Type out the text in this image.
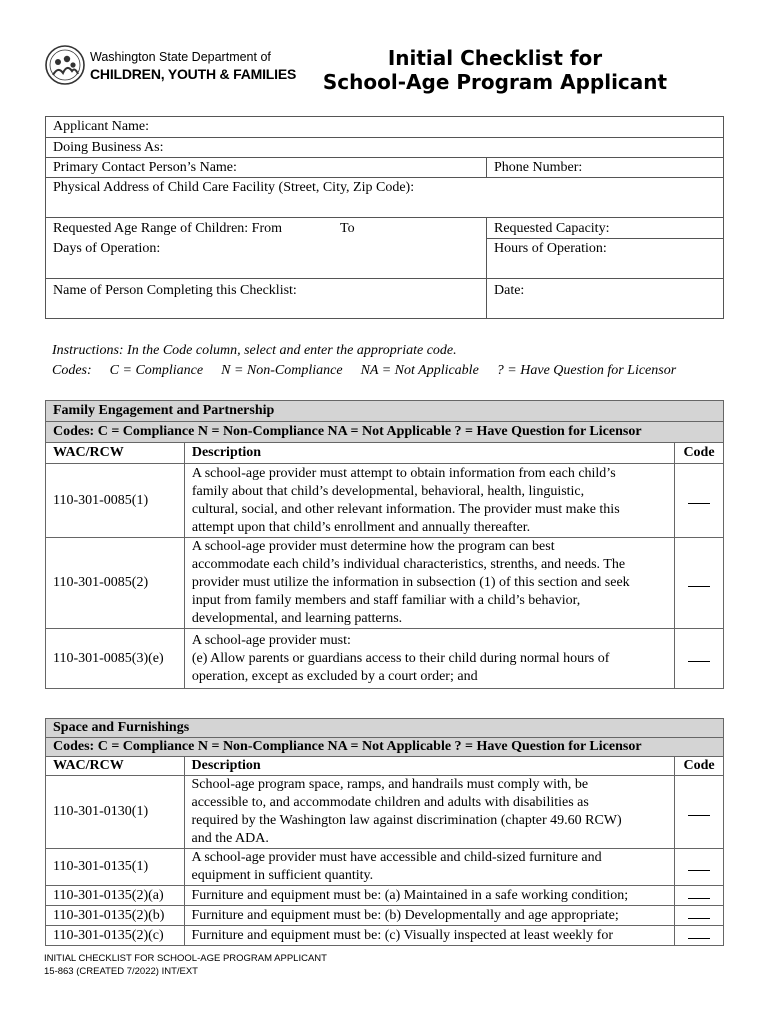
Washington State Department of
CHILDREN, YOUTH & FAMILIES
Initial Checklist for
School-Age Program Applicant
Applicant Name:	
Doing Business As:	
Primary Contact Person’s Name:	Phone Number:
Physical Address of Child Care Facility (Street, City, Zip Code):	
Requested Age Range of Children: From To	Requested Capacity:
Days of Operation:	Hours of Operation:
Name of Person Completing this Checklist:	Date:
Instructions: In the Code column, select and enter the appropriate code.
Codes: C = Compliance N = Non-Compliance NA = Not Applicable ? = Have Question for Licensor
Family Engagement and Partnership		
Codes: C = Compliance N = Non-Compliance NA = Not Applicable ? = Have Question for Licensor		
WAC/RCW	Description	Code
110-301-0085(1)	A school-age provider must attempt to obtain information from each child’s
family about that child’s developmental, behavioral, health, linguistic,
cultural, social, and other relevant information. The provider must make this
attempt upon that child’s enrollment and annually thereafter.	

110-301-0085(2)	A school-age provider must determine how the program can best
accommodate each child’s individual characteristics, strenths, and needs. The
provider must utilize the information in subsection (1) of this section and seek
input from family members and staff familiar with a child’s behavior,
developmental, and learning patterns.	

110-301-0085(3)(e)	A school-age provider must:
(e) Allow parents or guardians access to their child during normal hours of
operation, except as excluded by a court order; and	

Space and Furnishings		
Codes: C = Compliance N = Non-Compliance NA = Not Applicable ? = Have Question for Licensor		
WAC/RCW	Description	Code
110-301-0130(1)	School-age program space, ramps, and handrails must comply with, be
accessible to, and accommodate children and adults with disabilities as
required by the Washington law against discrimination (chapter 49.60 RCW)
and the ADA.	

110-301-0135(1)	A school-age provider must have accessible and child-sized furniture and
equipment in sufficient quantity.	

110-301-0135(2)(a)	Furniture and equipment must be: (a) Maintained in a safe working condition;	
110-301-0135(2)(b)	Furniture and equipment must be: (b) Developmentally and age appropriate;	
110-301-0135(2)(c)	Furniture and equipment must be: (c) Visually inspected at least weekly for	
INITIAL CHECKLIST FOR SCHOOL-AGE PROGRAM APPLICANT
15-863 (CREATED 7/2022) INT/EXT
